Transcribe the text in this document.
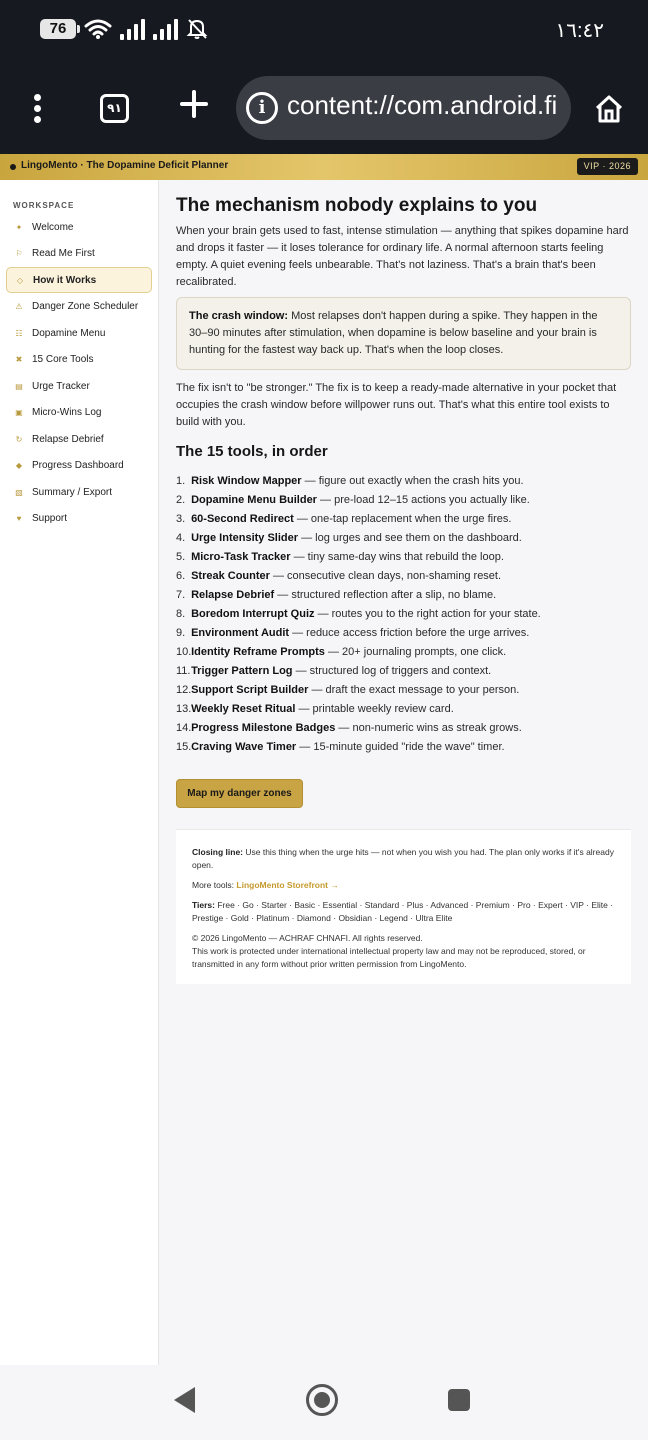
76	١٦:٤٢
٩١	i content://com.android.fi
LingoMento · The Dopamine Deficit Planner	VIP · 2026
WORKSPACE
✦ Welcome
⚐ Read Me First
◇ How it Works
⚠ Danger Zone Scheduler
☷ Dopamine Menu
✖ 15 Core Tools
▤ Urge Tracker
▣ Micro-Wins Log
↻ Relapse Debrief
◆ Progress Dashboard
▧ Summary / Export
♥	Support
The mechanism nobody explains to you
When your brain gets used to fast, intense stimulation — anything that spikes dopamine hard and drops it faster — it loses tolerance for ordinary life. A normal afternoon starts feeling empty. A quiet evening feels unbearable. That's not laziness. That's a brain that's been recalibrated.
The crash window: Most relapses don't happen during a spike. They happen in the 30–90 minutes after stimulation, when dopamine is below baseline and your brain is hunting for the fastest way back up. That's when the loop closes.
The fix isn't to "be stronger." The fix is to keep a ready-made alternative in your pocket that occupies the crash window before willpower runs out. That's what this entire tool exists to build with you.
The 15 tools, in order
1. Risk Window Mapper — figure out exactly when the crash hits you.
2. Dopamine Menu Builder — pre-load 12–15 actions you actually like.
3. 60-Second Redirect — one-tap replacement when the urge fires.
4. Urge Intensity Slider — log urges and see them on the dashboard.
5. Micro-Task Tracker — tiny same-day wins that rebuild the loop.
6. Streak Counter — consecutive clean days, non-shaming reset.
7. Relapse Debrief — structured reflection after a slip, no blame.
8. Boredom Interrupt Quiz — routes you to the right action for your state.
9. Environment Audit — reduce access friction before the urge arrives.
10. Identity Reframe Prompts — 20+ journaling prompts, one click.
11. Trigger Pattern Log — structured log of triggers and context.
12. Support Script Builder — draft the exact message to your person.
13. Weekly Reset Ritual — printable weekly review card.
14. Progress Milestone Badges — non-numeric wins as streak grows.
15. Craving Wave Timer — 15-minute guided "ride the wave" timer.
Map my danger zones
Closing line: Use this thing when the urge hits — not when you wish you had. The plan only works if it's already open.
More tools: LingoMento Storefront →
Tiers: Free · Go · Starter · Basic · Essential · Standard · Plus · Advanced · Premium · Pro · Expert · VIP · Elite · Prestige · Gold · Platinum · Diamond · Obsidian · Legend · Ultra Elite
© 2026 LingoMento — ACHRAF CHNAFI. All rights reserved.
This work is protected under international intellectual property law and may not be reproduced, stored, or transmitted in any form without prior written permission from LingoMento.
